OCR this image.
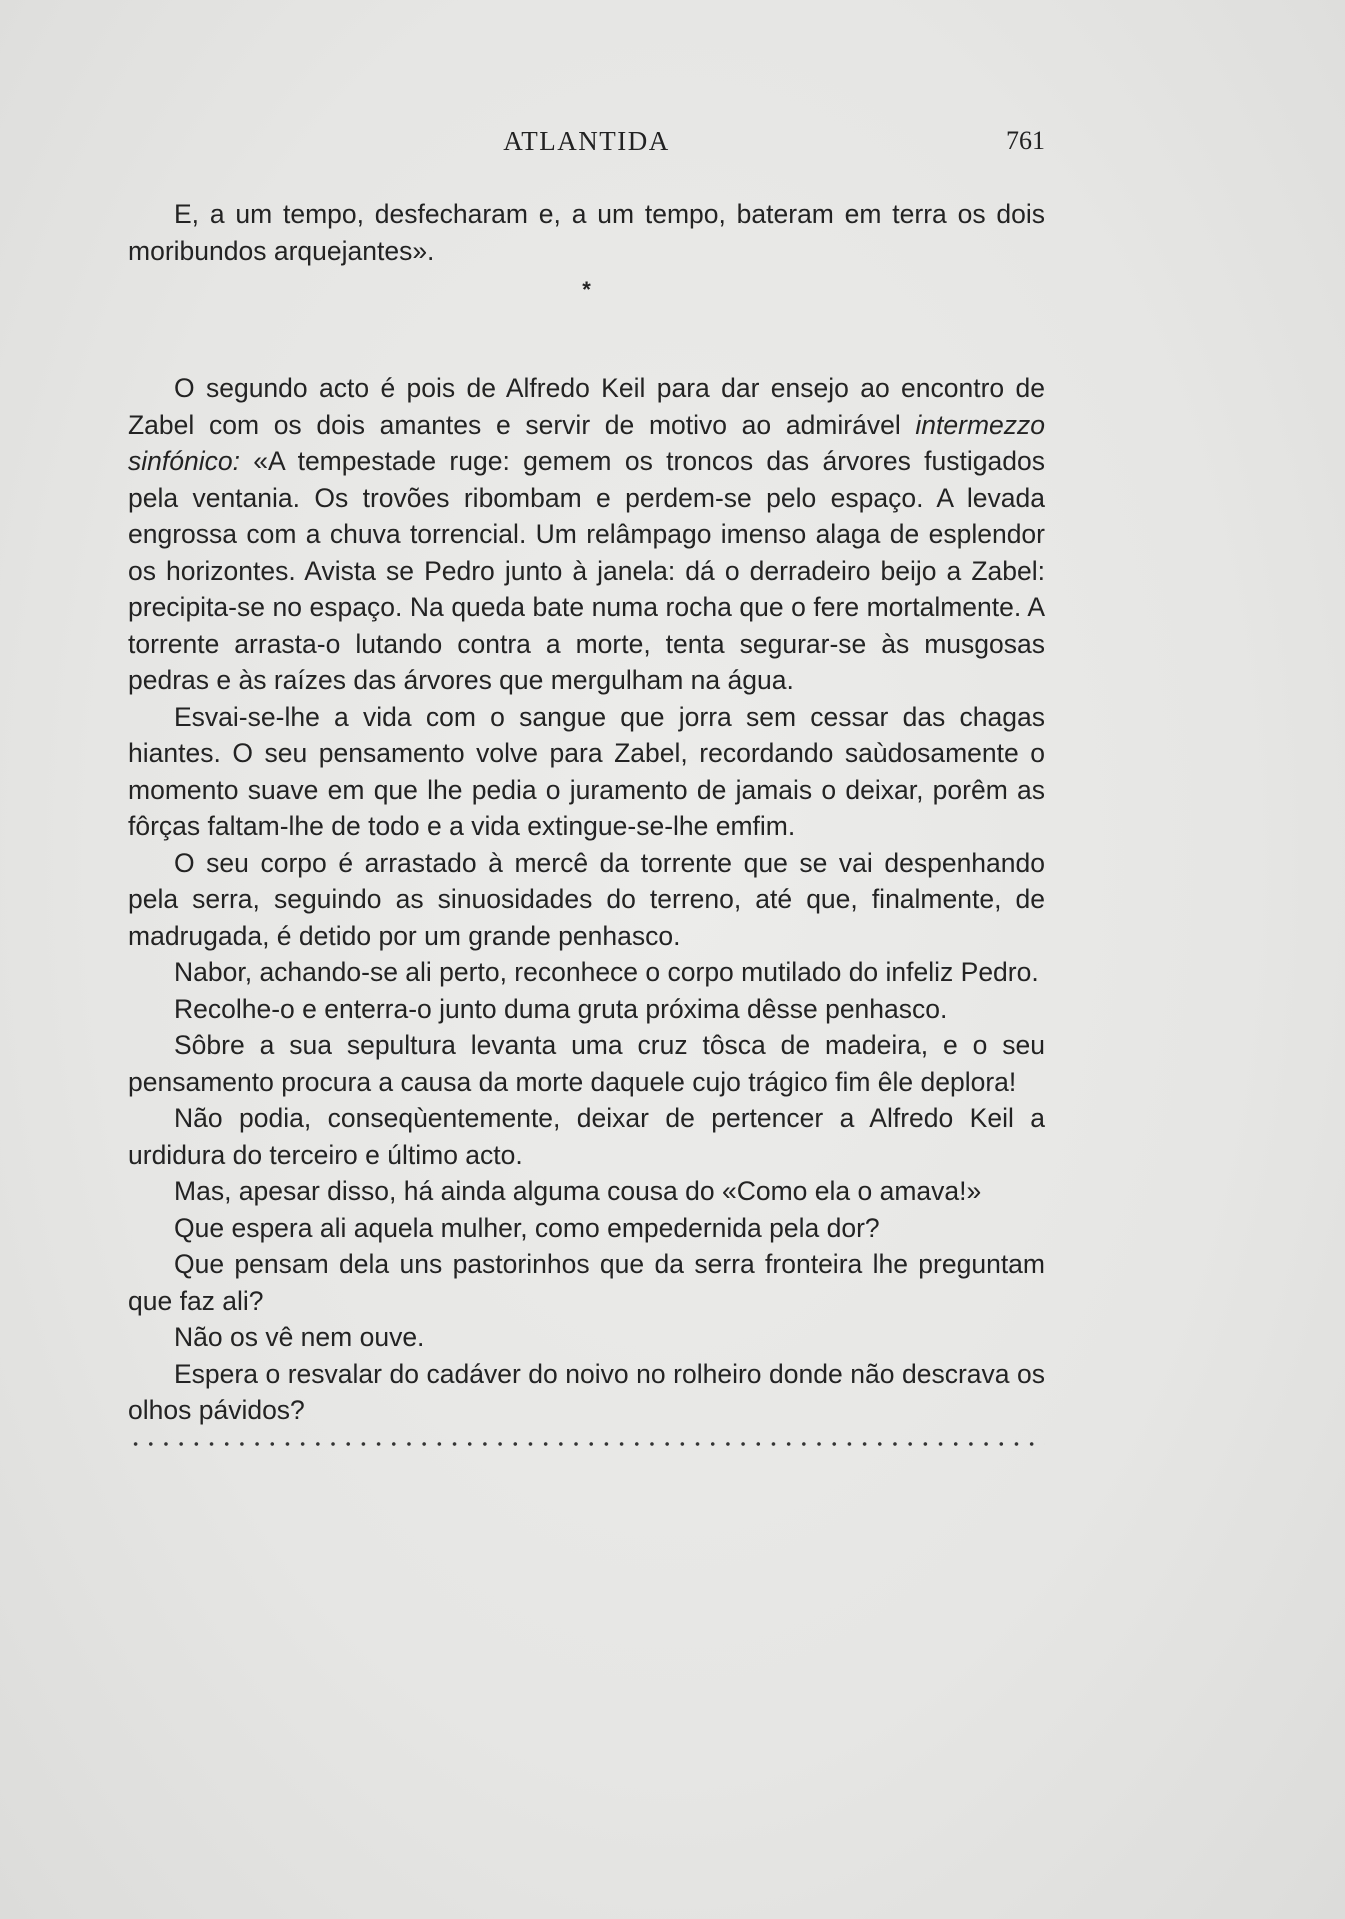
ATLANTIDA	761

E, a um tempo, desfecharam e, a um tempo, bateram em terra os dois moribundos arquejantes».

*

O segundo acto é pois de Alfredo Keil para dar ensejo ao encontro de Zabel com os dois amantes e servir de motivo ao admirável intermezzo sinfónico: «A tempestade ruge: gemem os troncos das árvores fustigados pela ventania. Os trovões ribombam e perdem-se pelo espaço. A levada engrossa com a chuva torrencial. Um relâmpago imenso alaga de esplendor os horizontes. Avista se Pedro junto à janela: dá o derradeiro beijo a Zabel: precipita-se no espaço. Na queda bate numa rocha que o fere mortalmente. A torrente arrasta-o lutando contra a morte, tenta segurar-se às musgosas pedras e às raízes das árvores que mergulham na água.

Esvai-se-lhe a vida com o sangue que jorra sem cessar das chagas hiantes. O seu pensamento volve para Zabel, recordando saùdosamente o momento suave em que lhe pedia o juramento de jamais o deixar, porêm as fôrças faltam-lhe de todo e a vida extingue-se-lhe emfim.

O seu corpo é arrastado à mercê da torrente que se vai despenhando pela serra, seguindo as sinuosidades do terreno, até que, finalmente, de madrugada, é detido por um grande penhasco.

Nabor, achando-se ali perto, reconhece o corpo mutilado do infeliz Pedro.

Recolhe-o e enterra-o junto duma gruta próxima dêsse penhasco.

Sôbre a sua sepultura levanta uma cruz tôsca de madeira, e o seu pensamento procura a causa da morte daquele cujo trágico fim êle deplora!

Não podia, conseqùentemente, deixar de pertencer a Alfredo Keil a urdidura do terceiro e último acto.

Mas, apesar disso, há ainda alguma cousa do «Como ela o amava!»

Que espera ali aquela mulher, como empedernida pela dor?

Que pensam dela uns pastorinhos que da serra fronteira lhe preguntam que faz ali?

Não os vê nem ouve.

Espera o resvalar do cadáver do noivo no rolheiro donde não descrava os olhos pávidos?
